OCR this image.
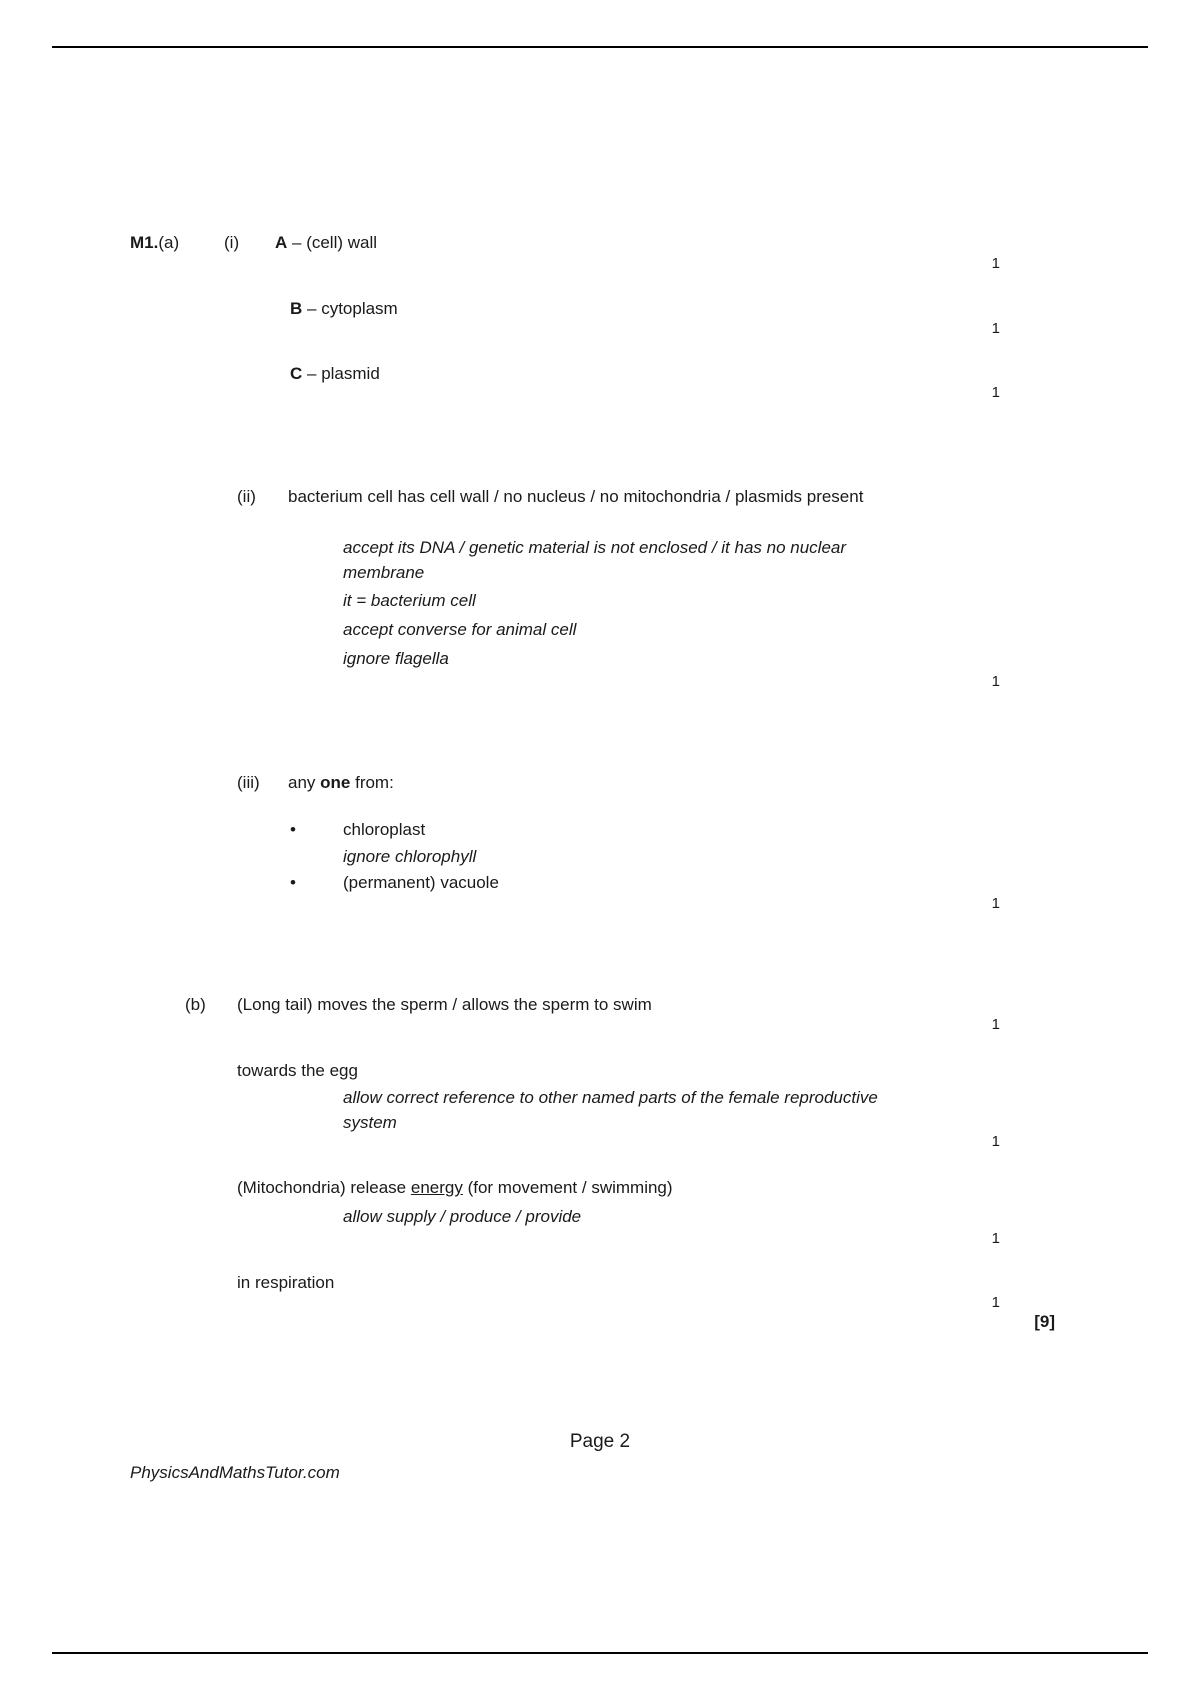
M1.(a)	(i) A – (cell) wall
1
B – cytoplasm
1
C – plasmid
1
(ii) bacterium cell has cell wall / no nucleus / no mitochondria / plasmids present
accept its DNA / genetic material is not enclosed / it has no nuclear membrane
it = bacterium cell
accept converse for animal cell
ignore flagella
1
(iii) any one from:
•	chloroplast
ignore chlorophyll
•	(permanent) vacuole
1
(b) (Long tail) moves the sperm / allows the sperm to swim
1
towards the egg
allow correct reference to other named parts of the female reproductive system
1
(Mitochondria) release energy (for movement / swimming)
allow supply / produce / provide
1
in respiration
1
[9]
Page 2
PhysicsAndMathsTutor.com
